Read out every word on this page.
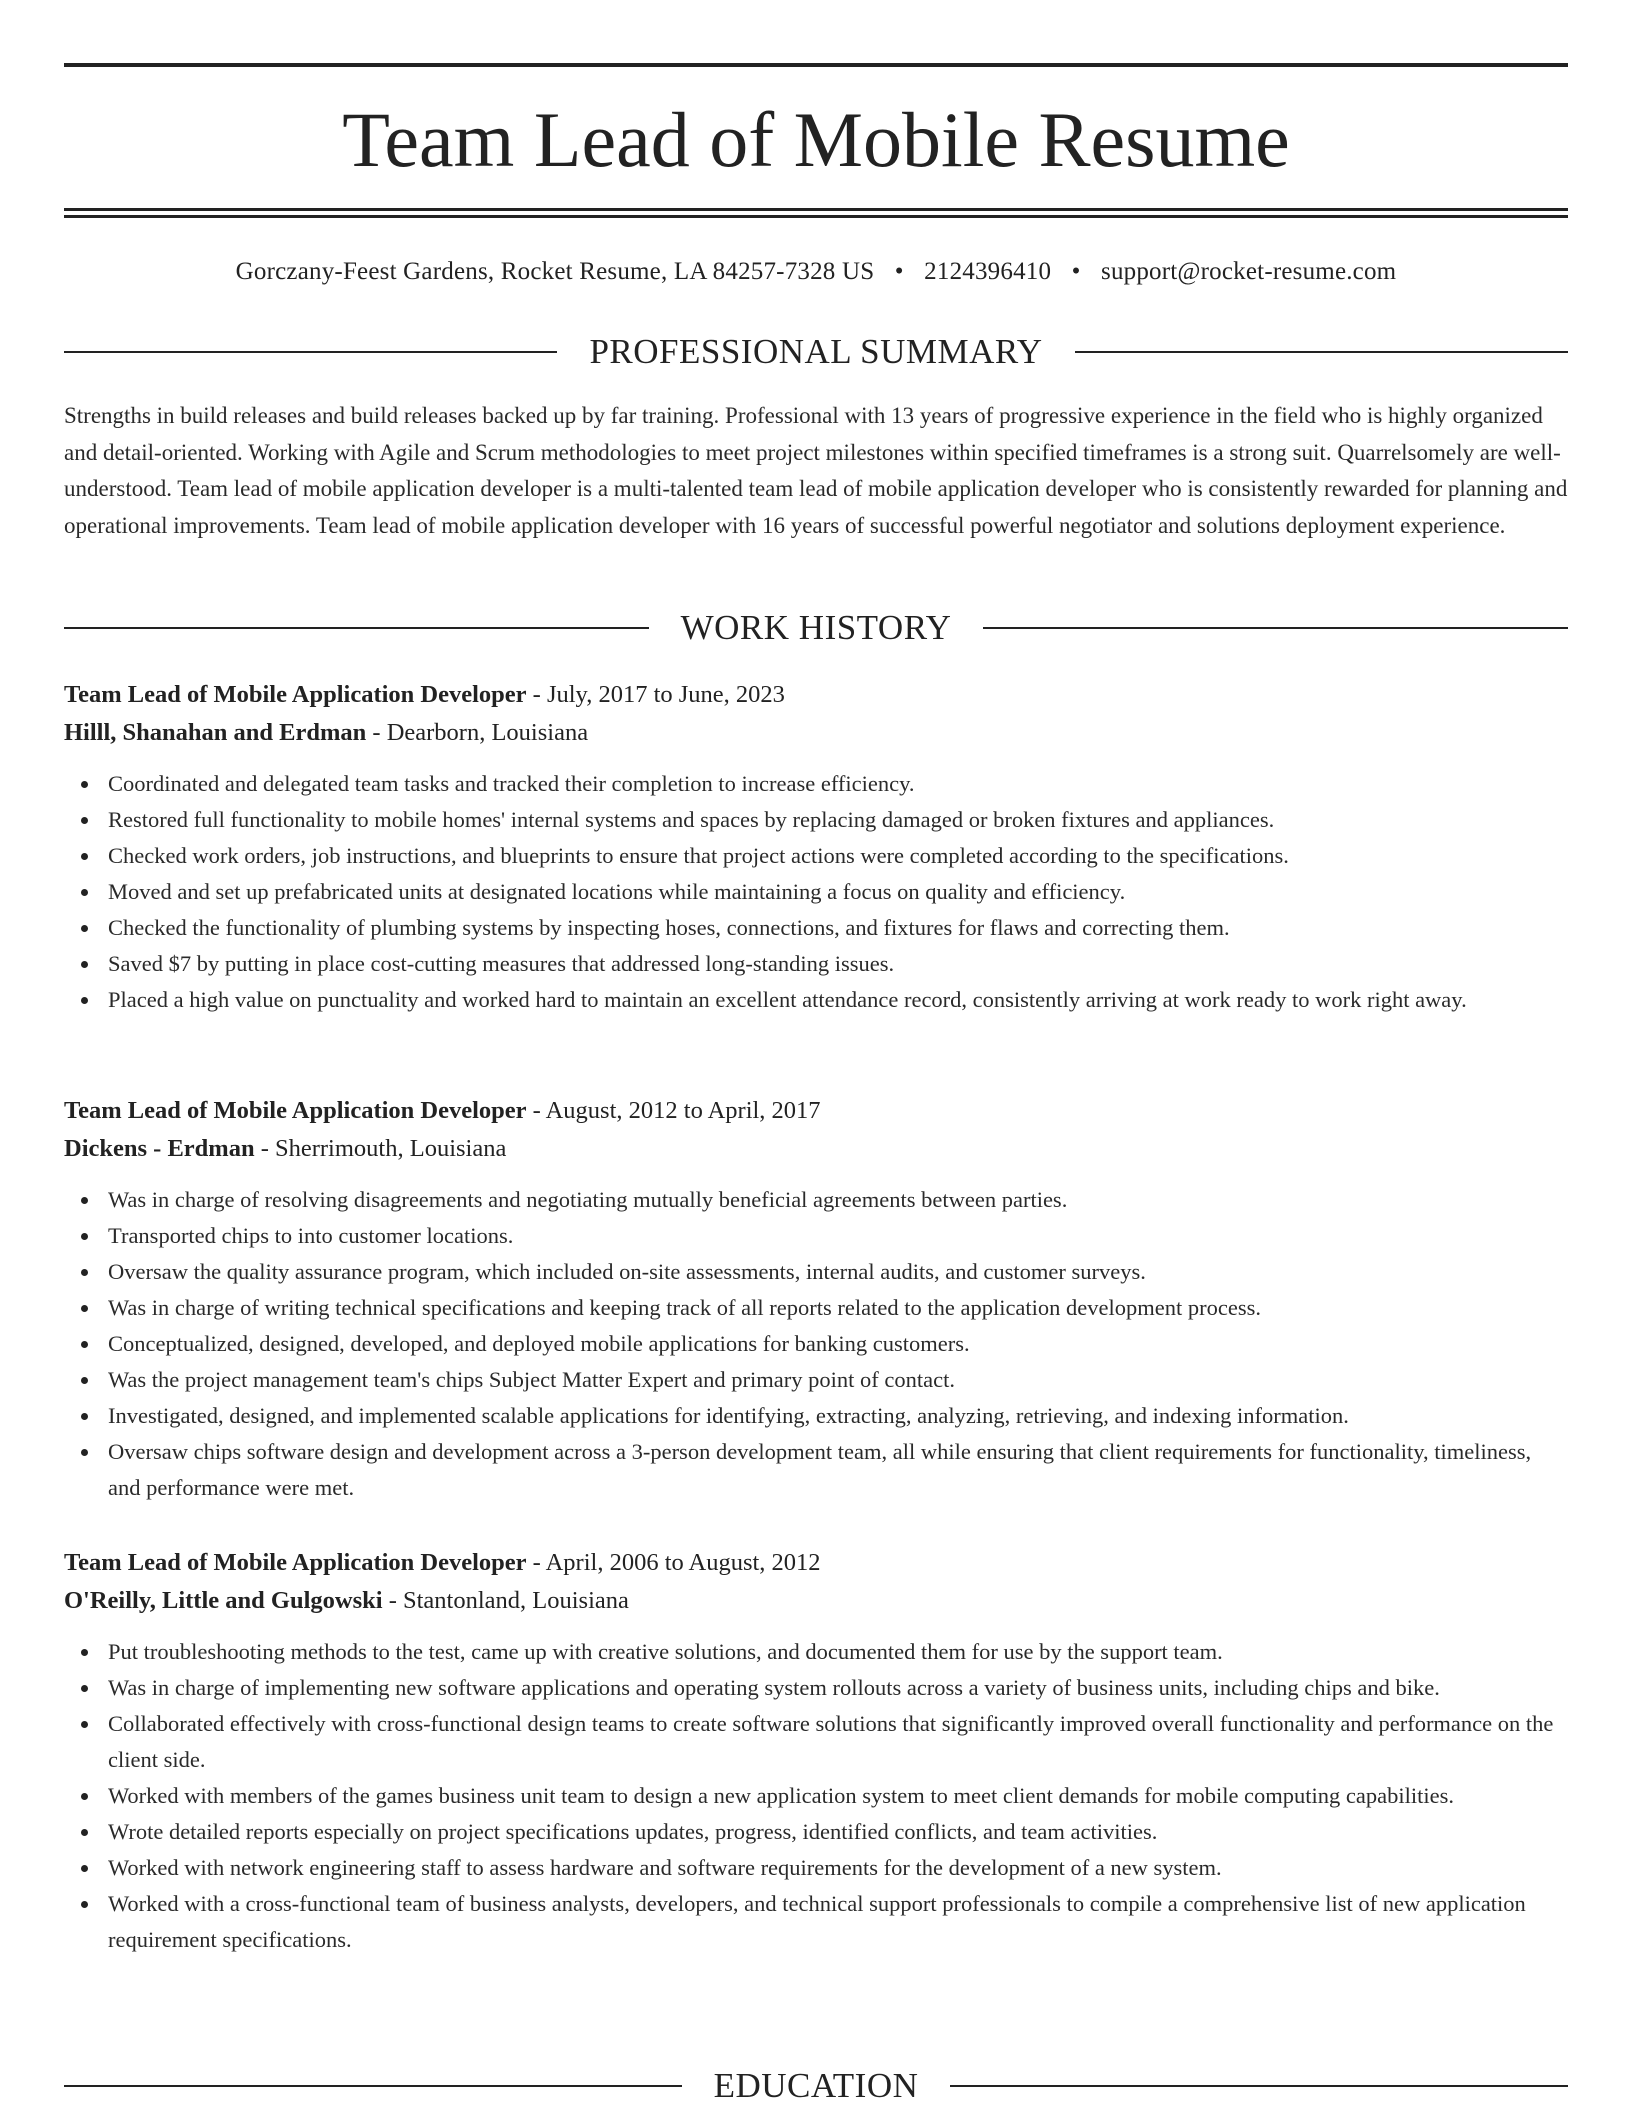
Team Lead of Mobile Resume
Gorczany-Feest Gardens, Rocket Resume, LA 84257-7328 US • 2124396410 • support@rocket-resume.com
PROFESSIONAL SUMMARY

Strengths in build releases and build releases backed up by far training. Professional with 13 years of progressive experience in the field who is highly organized and detail-oriented. Working with Agile and Scrum methodologies to meet project milestones within specified timeframes is a strong suit. Quarrelsomely are well-understood. Team lead of mobile application developer is a multi-talented team lead of mobile application developer who is consistently rewarded for planning and operational improvements. Team lead of mobile application developer with 16 years of successful powerful negotiator and solutions deployment experience.

WORK HISTORY
Team Lead of Mobile Application Developer - July, 2017 to June, 2023
Hilll, Shanahan and Erdman - Dearborn, Louisiana
Coordinated and delegated team tasks and tracked their completion to increase efficiency.
Restored full functionality to mobile homes' internal systems and spaces by replacing damaged or broken fixtures and appliances.
Checked work orders, job instructions, and blueprints to ensure that project actions were completed according to the specifications.
Moved and set up prefabricated units at designated locations while maintaining a focus on quality and efficiency.
Checked the functionality of plumbing systems by inspecting hoses, connections, and fixtures for flaws and correcting them.
Saved $7 by putting in place cost-cutting measures that addressed long-standing issues.
Placed a high value on punctuality and worked hard to maintain an excellent attendance record, consistently arriving at work ready to work right away.
Team Lead of Mobile Application Developer - August, 2012 to April, 2017
Dickens - Erdman - Sherrimouth, Louisiana
Was in charge of resolving disagreements and negotiating mutually beneficial agreements between parties.
Transported chips to into customer locations.
Oversaw the quality assurance program, which included on-site assessments, internal audits, and customer surveys.
Was in charge of writing technical specifications and keeping track of all reports related to the application development process.
Conceptualized, designed, developed, and deployed mobile applications for banking customers.
Was the project management team's chips Subject Matter Expert and primary point of contact.
Investigated, designed, and implemented scalable applications for identifying, extracting, analyzing, retrieving, and indexing information.
Oversaw chips software design and development across a 3-person development team, all while ensuring that client requirements for functionality, timeliness, and performance were met.
Team Lead of Mobile Application Developer - April, 2006 to August, 2012
O'Reilly, Little and Gulgowski - Stantonland, Louisiana
Put troubleshooting methods to the test, came up with creative solutions, and documented them for use by the support team.
Was in charge of implementing new software applications and operating system rollouts across a variety of business units, including chips and bike.
Collaborated effectively with cross-functional design teams to create software solutions that significantly improved overall functionality and performance on the client side.
Worked with members of the games business unit team to design a new application system to meet client demands for mobile computing capabilities.
Wrote detailed reports especially on project specifications updates, progress, identified conflicts, and team activities.
Worked with network engineering staff to assess hardware and software requirements for the development of a new system.
Worked with a cross-functional team of business analysts, developers, and technical support professionals to compile a comprehensive list of new application requirement specifications.
EDUCATION
